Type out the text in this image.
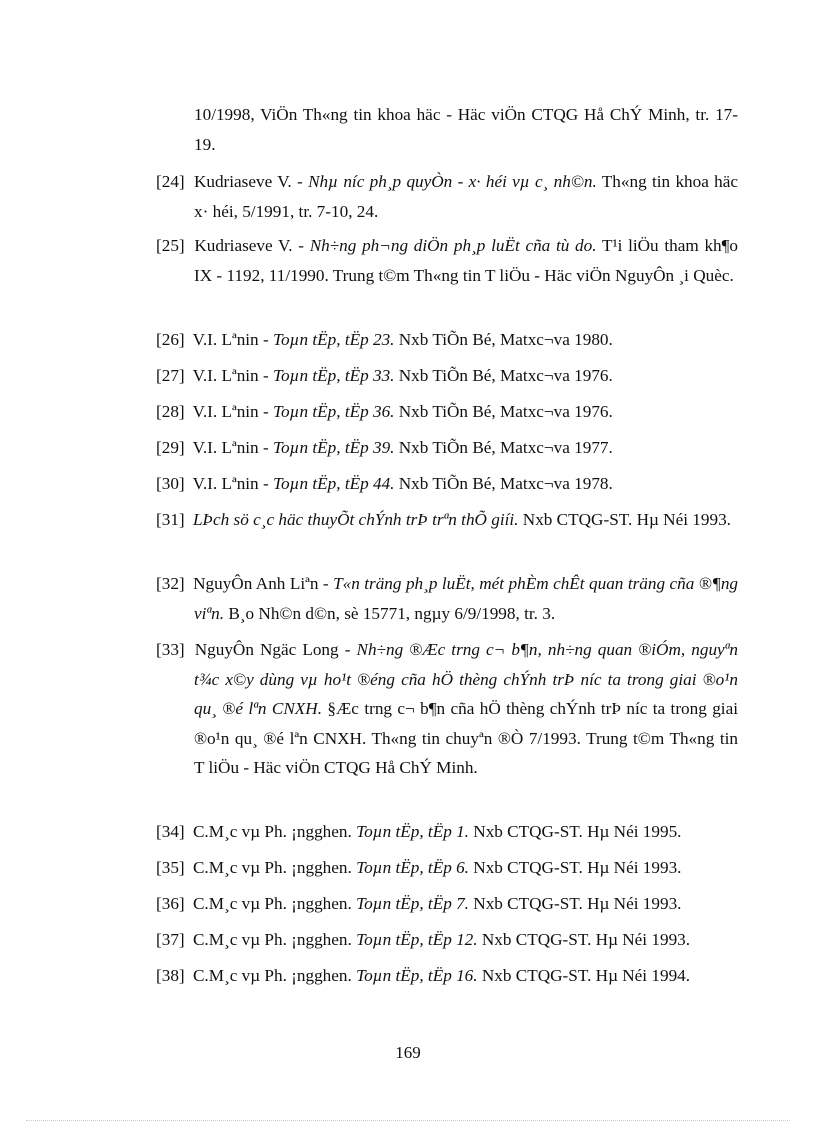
10/1998, ViÖn Th«ng tin khoa häc - Häc viÖn CTQG Hå ChÝ Minh, tr. 17-19.

[24] Kudriaseve V. - Nhµ níc ph¸p quyÒn - x· héi vµ c¸ nh©n. Th«ng tin khoa häc x· héi, 5/1991, tr. 7-10, 24.

[25] Kudriaseve V. - Nh÷ng ph¬ng diÖn ph¸p luËt cña tù do. T¹i liÖu tham kh¶o IX - 1192, 11/1990. Trung t©m Th«ng tin T liÖu - Häc viÖn NguyÔn ¸i Quèc.

[26] V.I. Lªnin - Toµn tËp, tËp 23. Nxb TiÕn Bé, Matxc¬va 1980.

[27] V.I. Lªnin - Toµn tËp, tËp 33. Nxb TiÕn Bé, Matxc¬va 1976.

[28] V.I. Lªnin - Toµn tËp, tËp 36. Nxb TiÕn Bé, Matxc¬va 1976.

[29] V.I. Lªnin - Toµn tËp, tËp 39. Nxb TiÕn Bé, Matxc¬va 1977.

[30] V.I. Lªnin - Toµn tËp, tËp 44. Nxb TiÕn Bé, Matxc¬va 1978.

[31] LÞch sö c¸c häc thuyÕt chÝnh trÞ trªn thÕ giíi. Nxb CTQG-ST. Hµ Néi 1993.

[32] NguyÔn Anh Liªn - T«n träng ph¸p luËt, mét phÈm chÊt quan träng cña ®¶ng viªn. B¸o Nh©n d©n, sè 15771, ngµy 6/9/1998, tr. 3.

[33] NguyÔn Ngäc Long - Nh÷ng ®Æc trng c¬ b¶n, nh÷ng quan ®iÓm, nguyªn t¾c x©y dùng vµ ho¹t ®éng cña hÖ thèng chÝnh trÞ níc ta trong giai ®o¹n qu¸ ®é lªn CNXH. §Æc trng c¬ b¶n cña hÖ thèng chÝnh trÞ níc ta trong giai ®o¹n qu¸ ®é lªn CNXH. Th«ng tin chuyªn ®Ò 7/1993. Trung t©m Th«ng tin T liÖu - Häc viÖn CTQG Hå ChÝ Minh.

[34] C.M¸c vµ Ph. ¡ngghen. Toµn tËp, tËp 1. Nxb CTQG-ST. Hµ Néi 1995.

[35] C.M¸c vµ Ph. ¡ngghen. Toµn tËp, tËp 6. Nxb CTQG-ST. Hµ Néi 1993.

[36] C.M¸c vµ Ph. ¡ngghen. Toµn tËp, tËp 7. Nxb CTQG-ST. Hµ Néi 1993.

[37] C.M¸c vµ Ph. ¡ngghen. Toµn tËp, tËp 12. Nxb CTQG-ST. Hµ Néi 1993.

[38] C.M¸c vµ Ph. ¡ngghen. Toµn tËp, tËp 16. Nxb CTQG-ST. Hµ Néi 1994.

169
